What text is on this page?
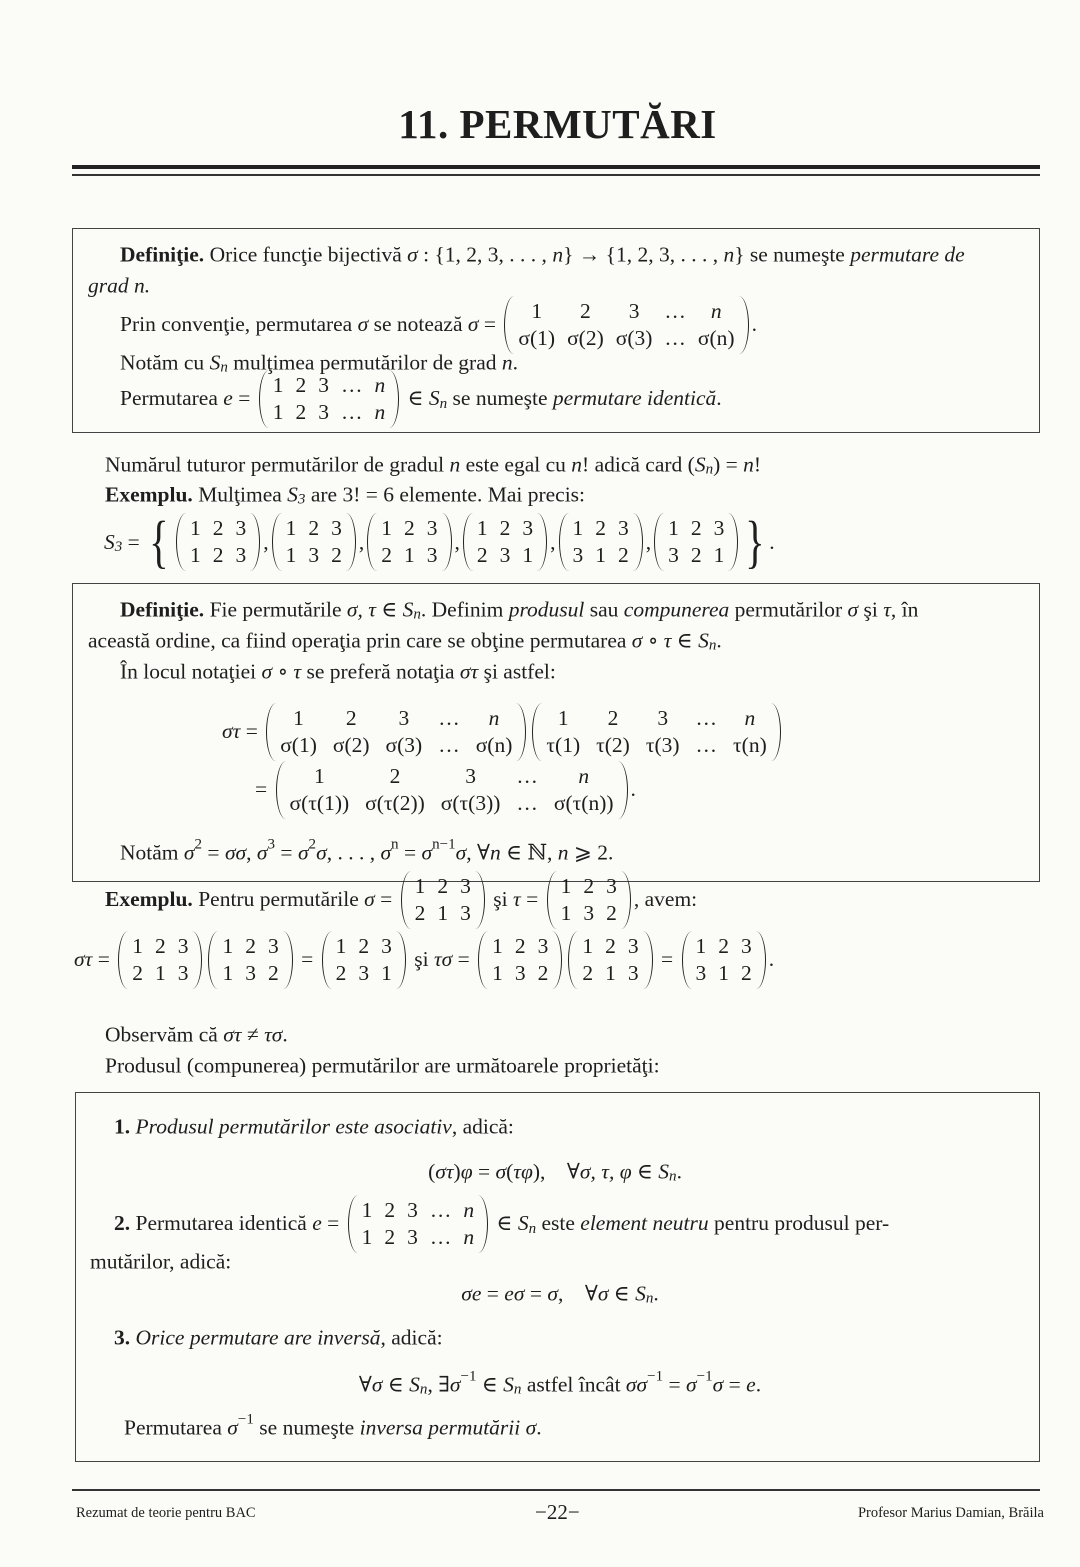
11. PERMUTĂRI
Definiţie. Orice funcţie bijectivă σ : {1, 2, 3, . . . , n } → {1, 2, 3, . . . , n } se numeşte permutare de
grad n.
Prin convenţie, permutarea σ se notează σ =
1	2	3	…	n
σ(1) σ(2) σ(3) … σ(n)
.
Notăm cu S n mulţimea permutărilor de grad n .
Permutarea e =
1 2 3 … n
1 2 3 … n
∈ S n se numeşte permutare identică .
Numărul tuturor permutărilor de gradul n este egal cu n ! adică card ( S n ) = n !
Exemplu. Mulţimea S 3 are 3! = 6 elemente. Mai precis:
S 3 = { 1 2 3
1 2 3
,
1 2 3
1 3 2
,
1 2 3
2 1 3
,
1 2 3
2 3 1
,
1 2 3
3 1 2
,
1 2 3
3 2 1 } .
Definiţie. Fie permutările σ, τ ∈ S n . Definim produsul sau compunerea permutărilor σ şi τ , în
această ordine, ca fiind operaţia prin care se obţine permutarea σ ∘ τ ∈ S n .
În locul notaţiei σ ∘ τ se preferă notaţia στ şi astfel:
στ =
1	2	3	…	n
σ(1) σ(2) σ(3) … σ(n)
1	2	3	…	n
τ(1) τ(2) τ(3) … τ(n)
=
1	2	3	…	n
σ(τ(1)) σ(τ(2)) σ(τ(3)) … σ(τ(n))
.
Notăm σ 2 = σσ , σ 3 = σ 2 σ , . . . , σ n = σ n−1 σ , ∀ n ∈ ℕ, n ⩾ 2.
Exemplu. Pentru permutările σ =
1 2 3
2 1 3
şi τ =
1 2 3
1 3 2
, avem:
στ =
1 2 3
2 1 3
1 2 3
1 3 2
=
1 2 3
2 3 1
şi τσ =
1 2 3
1 3 2
1 2 3
2 1 3
=
1 2 3
3 1 2
.
Observăm că στ ≠ τσ .
Produsul (compunerea) permutărilor are următoarele proprietăţi:
1.
Produsul permutărilor este asociativ , adică:
( στ ) φ = σ ( τφ ),    ∀ σ, τ, φ ∈ S n .
2. Permutarea identică e =
1 2 3 … n
1 2 3 … n
∈ S n este element neutru pentru produsul per-
mutărilor, adică:
σe = eσ = σ ,    ∀ σ ∈ S n .
3.
Orice permutare are inversă , adică:
∀ σ ∈ S n , ∃ σ −1 ∈ S n astfel încât σσ −1 = σ −1 σ = e .
Permutarea σ −1 se numeşte inversa permutării σ .
Rezumat de teorie pentru BAC	−22−	Profesor Marius Damian, Brăila
